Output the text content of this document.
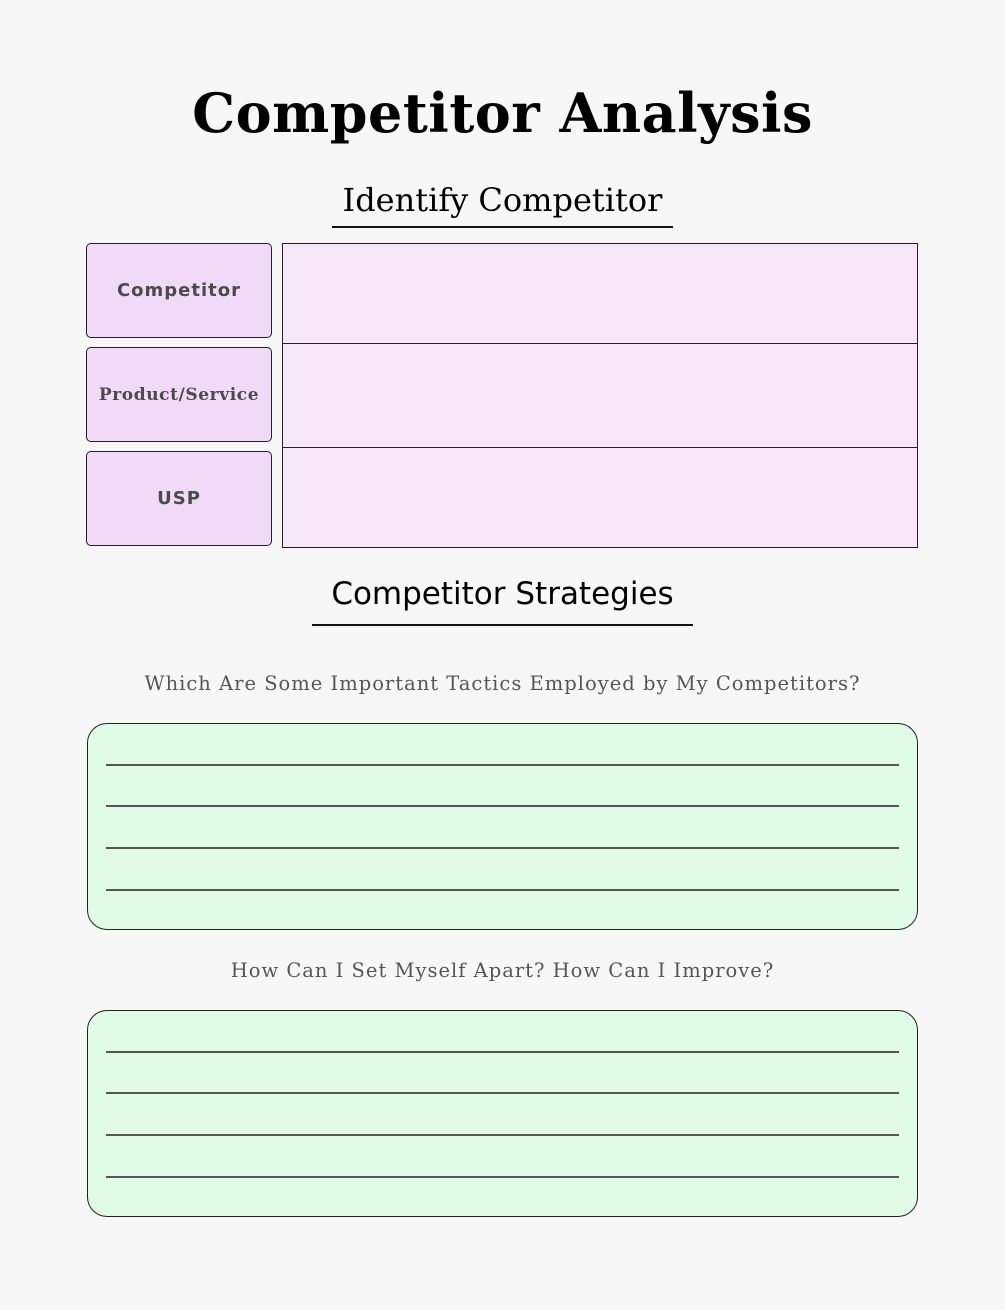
Competitor Analysis
Identify Competitor
Competitor
Product/Service
USP
Competitor Strategies
Which Are Some Important Tactics Employed by My Competitors?
How Can I Set Myself Apart? How Can I Improve?
